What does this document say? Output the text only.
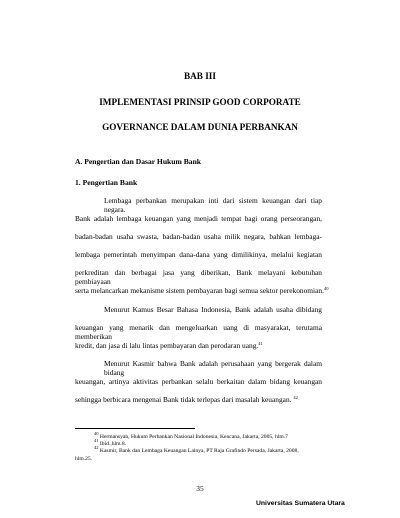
BAB III
IMPLEMENTASI PRINSIP GOOD CORPORATE
GOVERNANCE DALAM DUNIA PERBANKAN
A. Pengertian dan Dasar Hukum Bank
1. Pengertian Bank
Lembaga perbankan merupakan inti dari sistem keuangan dari tiap negara.
Bank adalah lembaga keuangan yang menjadi tempat bagi orang perseorangan,
badan-badan usaha swasta, badan-badan usaha milik negara, bahkan lembaga-
lembaga pemerintah menyimpan dana-dana yang dimilikinya, melalui kegiatan
perkreditan dan berbagai jasa yang diberikan, Bank melayani kebutuhan pembiayaan
serta melancarkan mekanisme sistem pembayaran bagi semua sektor perekonomian.$^{40}$
Menurut Kamus Besar Bahasa Indonesia, Bank adalah usaha dibidang
keuangan yang menarik dan mengeluarkan uang di masyarakat, terutama memberikan
kredit, dan jasa di lalu lintas pembayaran dan perodaran uang.$^{41}$
Menurut Kasmir bahwa Bank adalah perusahaan yang bergerak dalam bidang
keuangan, artinya aktivitas perbankan selalu berkaitan dalam bidang keuangan
sehingga berbicara mengenai Bank tidak terlepas dari masalah keuangan. $^{42}$
$^{40}$ Hermansyah, Hukum Perbankan Nasional Indonesia, Kencana, Jakarta, 2005, hlm.7
$^{41}$ Ibid.,hlm.8.
$^{42}$ Kasmir, Bank dan Lembaga Keuangan Lainya, PT Raja Grafindo Persada, Jakarta, 2008,
hlm.25.
35
Universitas Sumatera Utara
